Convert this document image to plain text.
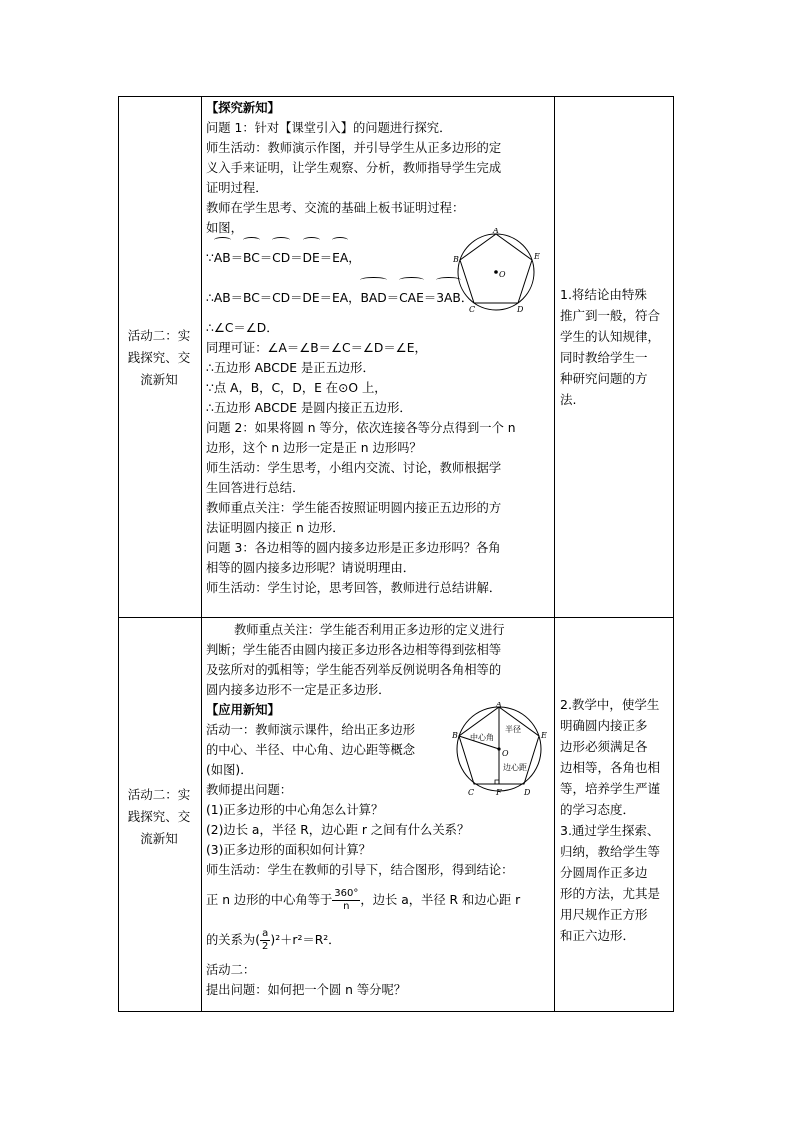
活动二：实
践探究、交
流新知
【探究新知】
问题 1：针对【课堂引入】的问题进行探究．
师生活动：教师演示作图，并引导学生从正多边形的定
义入手来证明，让学生观察、分析，教师指导学生完成
证明过程．
教师在学生思考、交流的基础上板书证明过程：
如图，
∵AB＝BC＝CD＝DE＝EA，
∴AB＝BC＝CD＝DE＝EA，BAD＝CAE＝3AB．
∴∠C＝∠D．
同理可证：∠A＝∠B＝∠C＝∠D＝∠E，
∴五边形 ABCDE 是正五边形．
∵点 A，B，C，D，E 在⊙O 上，
∴五边形 ABCDE 是圆内接正五边形．
问题 2：如果将圆 n 等分，依次连接各等分点得到一个 n
边形，这个 n 边形一定是正 n 边形吗？
师生活动：学生思考，小组内交流、讨论，教师根据学
生回答进行总结．
教师重点关注：学生能否按照证明圆内接正五边形的方
法证明圆内接正 n 边形．
问题 3：各边相等的圆内接多边形是正多边形吗？各角
相等的圆内接多边形呢？请说明理由．
师生活动：学生讨论，思考回答，教师进行总结讲解．
A
B
C	D
E
O
1.将结论由特殊
推广到一般，符合
学生的认知规律，
同时教给学生一
种研究问题的方
法.
活动二：实
践探究、交
流新知
教师重点关注：学生能否利用正多边形的定义进行
判断；学生能否由圆内接正多边形各边相等得到弦相等
及弦所对的弧相等；学生能否列举反例说明各角相等的
圆内接多边形不一定是正多边形．
【应用新知】
活动一：教师演示课件，给出正多边形
的中心、半径、中心角、边心距等概念
(如图)．
教师提出问题：
(1)正多边形的中心角怎么计算？
(2)边长 a，半径 R，边心距 r 之间有什么关系？
(3)正多边形的面积如何计算？
师生活动：学生在教师的引导下，结合图形，得到结论：
正 n 边形的中心角等于 $\frac{360^\circ}{n}$ ，边长 a，半径 R 和边心距 r
的关系为( $\frac{a}{2} )^2+r^2=R^2$．
活动二：
提出问题：如何把一个圆 n 等分呢？
A
B
C	D
E
F
O
中心角
半径
边心距
2.教学中，使学生
明确圆内接正多
边形必须满足各
边相等，各角也相
等，培养学生严谨
的学习态度．
3.通过学生探索、
归纳，教给学生等
分圆周作正多边
形的方法，尤其是
用尺规作正方形
和正六边形．
